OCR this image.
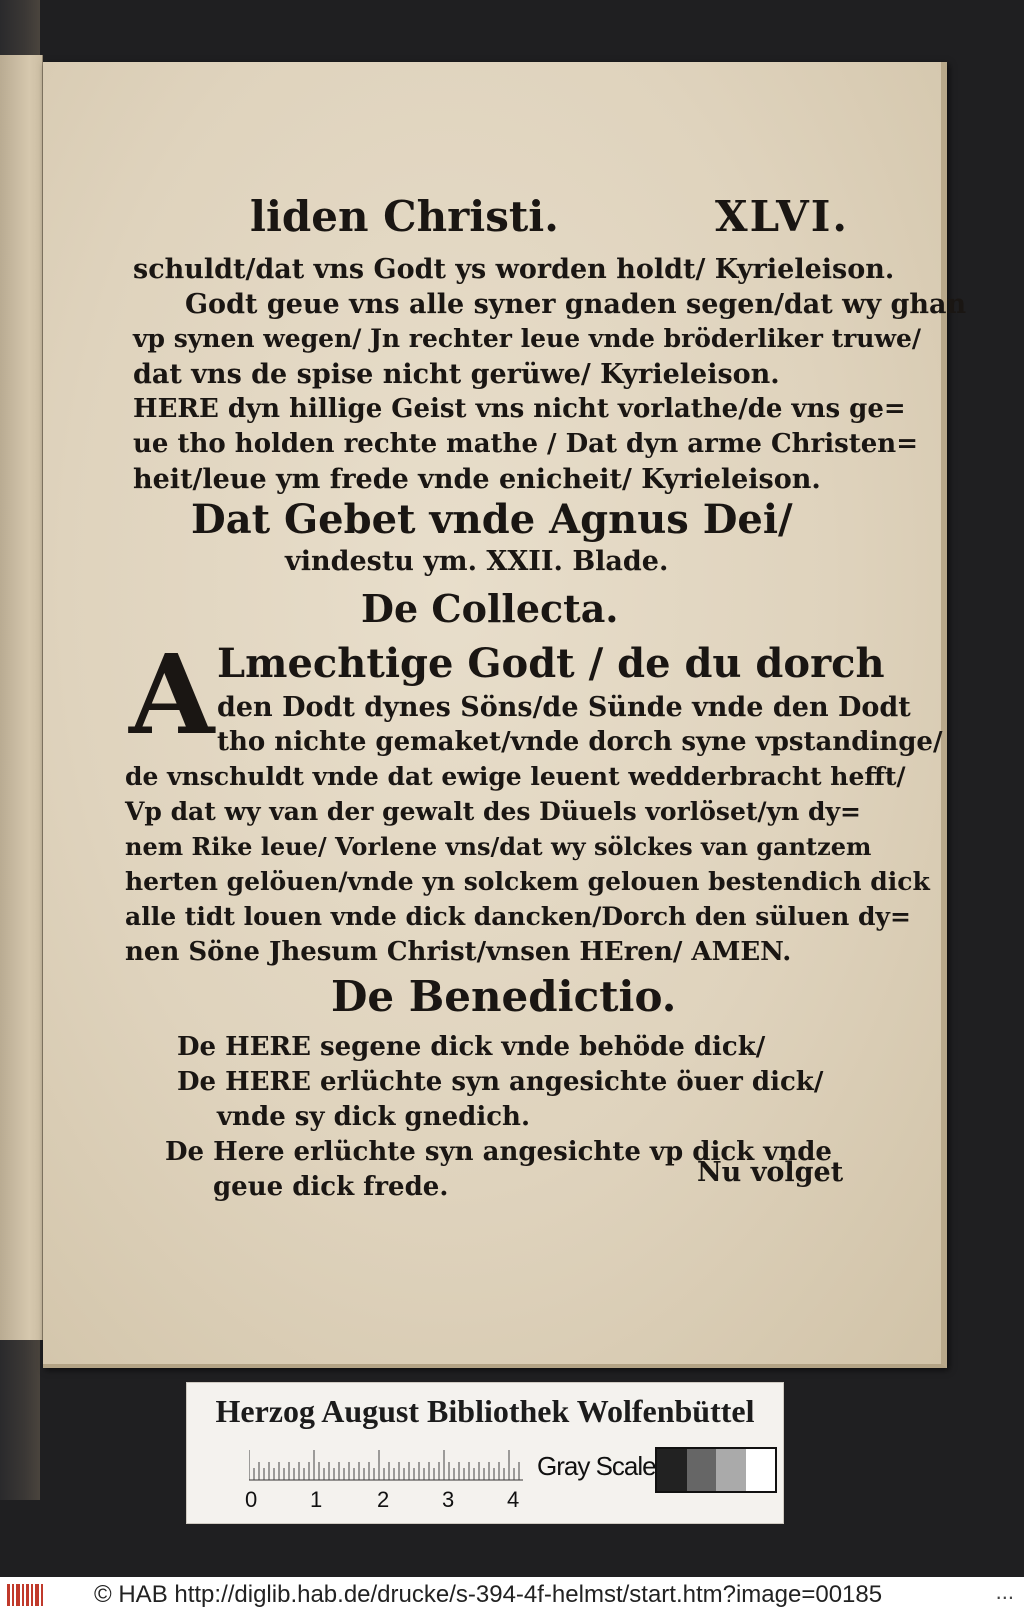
liden Christi.	XLVI.
schuldt/dat vns Godt ys worden holdt/ Kyrieleison.
Godt geue vns alle syner gnaden segen/dat wy ghan
vp synen wegen/ Jn rechter leue vnde bröderliker truwe/
dat vns de spise nicht gerüwe/ Kyrieleison.
HERE dyn hillige Geist vns nicht vorlathe/de vns ge=
ue tho holden rechte mathe / Dat dyn arme Christen=
heit/leue ym frede vnde enicheit/ Kyrieleison.
Dat Gebet vnde Agnus Dei/
vindestu ym. XXII. Blade.
De Collecta.
A Lmechtige Godt / de du dorch
den Dodt dynes Söns/de Sünde vnde den Dodt
tho nichte gemaket/vnde dorch syne vpstandinge/
de vnschuldt vnde dat ewige leuent wedderbracht hefft/
Vp dat wy van der gewalt des Düuels vorlöset/yn dy=
nem Rike leue/ Vorlene vns/dat wy sölckes van gantzem
herten gelöuen/vnde yn solckem gelouen bestendich dick
alle tidt louen vnde dick dancken/Dorch den süluen dy=
nen Söne Jhesum Christ/vnsen HEren/ AMEN.
De Benedictio.
De HERE segene dick vnde behöde dick/
De HERE erlüchte syn angesichte öuer dick/
vnde sy dick gnedich.
De Here erlüchte syn angesichte vp dick vnde
geue dick frede.	Nu volget
Herzog August Bibliothek Wolfenbüttel
0 1 2 3 4
Gray Scale
© HAB http://diglib.hab.de/drucke/s-394-4f-helmst/start.htm?image=00185	...
